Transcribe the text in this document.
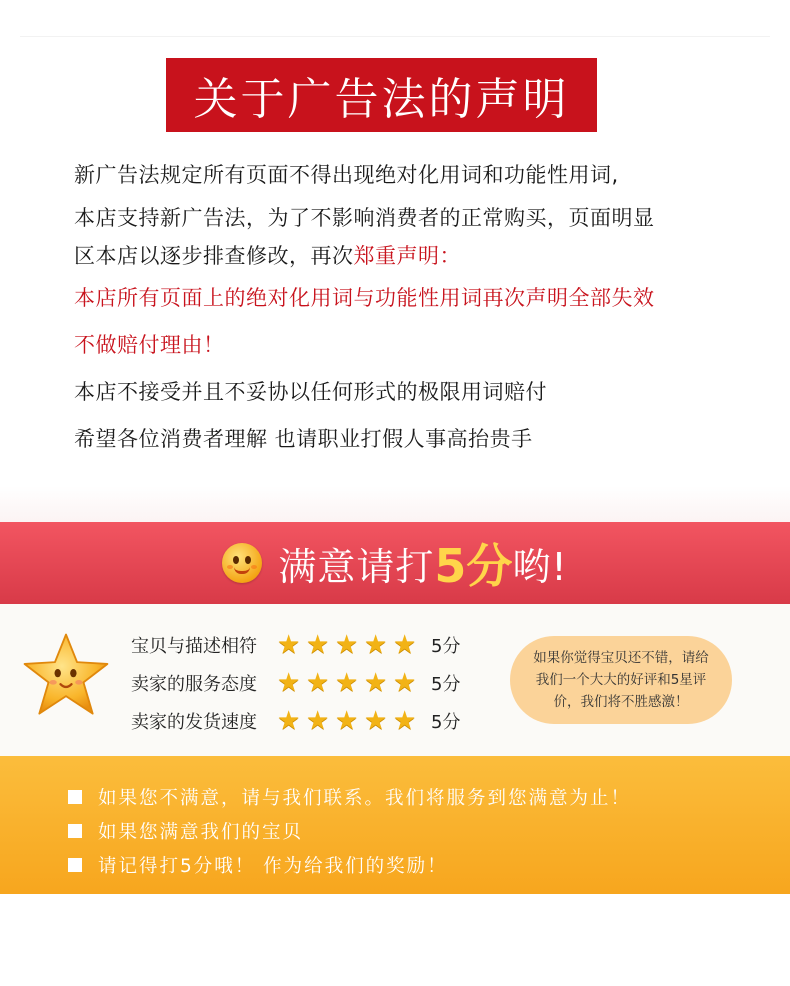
关于广告法的声明
新广告法规定所有页面不得出现绝对化用词和功能性用词,
本店支持新广告法，为了不影响消费者的正常购买，页面明显
区本店以逐步排查修改，再次郑重声明：
本店所有页面上的绝对化用词与功能性用词再次声明全部失效
不做赔付理由！
本店不接受并且不妥协以任何形式的极限用词赔付
希望各位消费者理解 也请职业打假人事高抬贵手
满意请打 5分 哟!
宝贝与描述相符 ★ ★ ★ ★ ★ 5分
卖家的服务态度 ★ ★ ★ ★ ★ 5分
卖家的发货速度 ★ ★ ★ ★ ★ 5分
如果你觉得宝贝还不错，请给我们一个大大的好评和5星评价，我们将不胜感激！
如果您不满意，请与我们联系。我们将服务到您满意为止！
如果您满意我们的宝贝
请记得打5分哦！ 作为给我们的奖励！
